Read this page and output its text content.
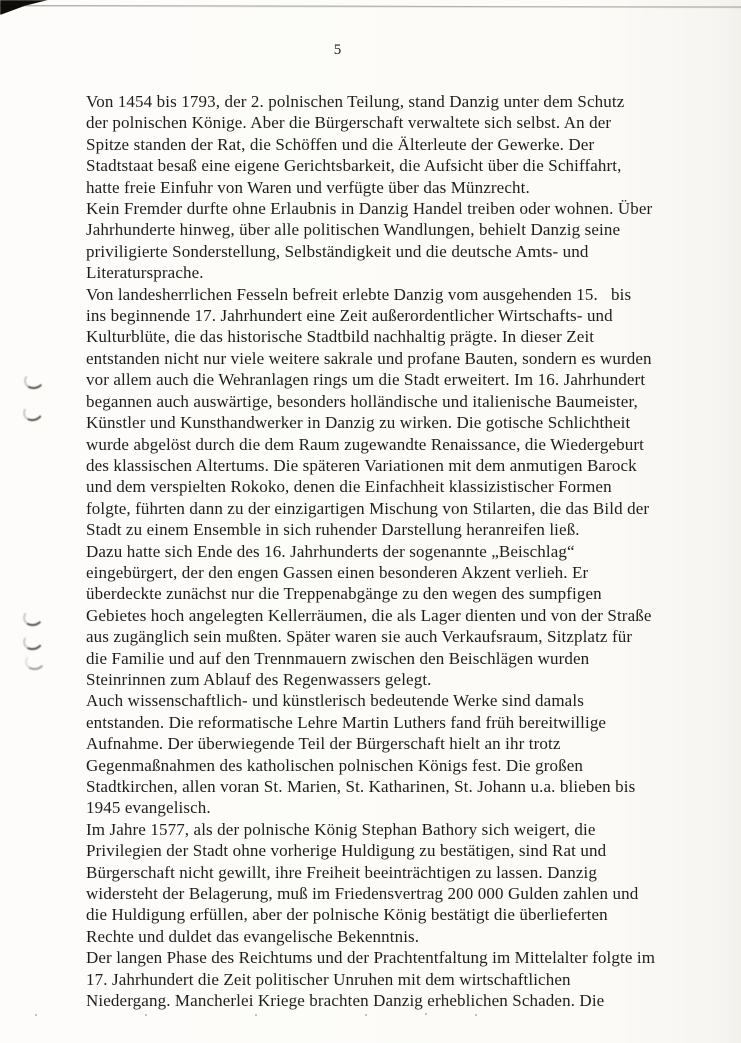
5
Von 1454 bis 1793, der 2. polnischen Teilung, stand Danzig unter dem Schutz
der polnischen Könige. Aber die Bürgerschaft verwaltete sich selbst. An der
Spitze standen der Rat, die Schöffen und die Älterleute der Gewerke. Der
Stadtstaat besaß eine eigene Gerichtsbarkeit, die Aufsicht über die Schiffahrt,
hatte freie Einfuhr von Waren und verfügte über das Münzrecht.
Kein Fremder durfte ohne Erlaubnis in Danzig Handel treiben oder wohnen. Über
Jahrhunderte hinweg, über alle politischen Wandlungen, behielt Danzig seine
priviligierte Sonderstellung, Selbständigkeit und die deutsche Amts- und
Literatursprache.
Von landesherrlichen Fesseln befreit erlebte Danzig vom ausgehenden 15.   bis
ins beginnende 17. Jahrhundert eine Zeit außerordentlicher Wirtschafts- und
Kulturblüte, die das historische Stadtbild nachhaltig prägte. In dieser Zeit
entstanden nicht nur viele weitere sakrale und profane Bauten, sondern es wurden
vor allem auch die Wehranlagen rings um die Stadt erweitert. Im 16. Jahrhundert
begannen auch auswärtige, besonders holländische und italienische Baumeister,
Künstler und Kunsthandwerker in Danzig zu wirken. Die gotische Schlichtheit
wurde abgelöst durch die dem Raum zugewandte Renaissance, die Wiedergeburt
des klassischen Altertums. Die späteren Variationen mit dem anmutigen Barock
und dem verspielten Rokoko, denen die Einfachheit klassizistischer Formen
folgte, führten dann zu der einzigartigen Mischung von Stilarten, die das Bild der
Stadt zu einem Ensemble in sich ruhender Darstellung heranreifen ließ.
Dazu hatte sich Ende des 16. Jahrhunderts der sogenannte „Beischlag“
eingebürgert, der den engen Gassen einen besonderen Akzent verlieh. Er
überdeckte zunächst nur die Treppenabgänge zu den wegen des sumpfigen
Gebietes hoch angelegten Kellerräumen, die als Lager dienten und von der Straße
aus zugänglich sein mußten. Später waren sie auch Verkaufsraum, Sitzplatz für
die Familie und auf den Trennmauern zwischen den Beischlägen wurden
Steinrinnen zum Ablauf des Regenwassers gelegt.
Auch wissenschaftlich- und künstlerisch bedeutende Werke sind damals
entstanden. Die reformatische Lehre Martin Luthers fand früh bereitwillige
Aufnahme. Der überwiegende Teil der Bürgerschaft hielt an ihr trotz
Gegenmaßnahmen des katholischen polnischen Königs fest. Die großen
Stadtkirchen, allen voran St. Marien, St. Katharinen, St. Johann u.a. blieben bis
1945 evangelisch.
Im Jahre 1577, als der polnische König Stephan Bathory sich weigert, die
Privilegien der Stadt ohne vorherige Huldigung zu bestätigen, sind Rat und
Bürgerschaft nicht gewillt, ihre Freiheit beeinträchtigen zu lassen. Danzig
widersteht der Belagerung, muß im Friedensvertrag 200 000 Gulden zahlen und
die Huldigung erfüllen, aber der polnische König bestätigt die überlieferten
Rechte und duldet das evangelische Bekenntnis.
Der langen Phase des Reichtums und der Prachtentfaltung im Mittelalter folgte im
17. Jahrhundert die Zeit politischer Unruhen mit dem wirtschaftlichen
Niedergang. Mancherlei Kriege brachten Danzig erheblichen Schaden. Die
